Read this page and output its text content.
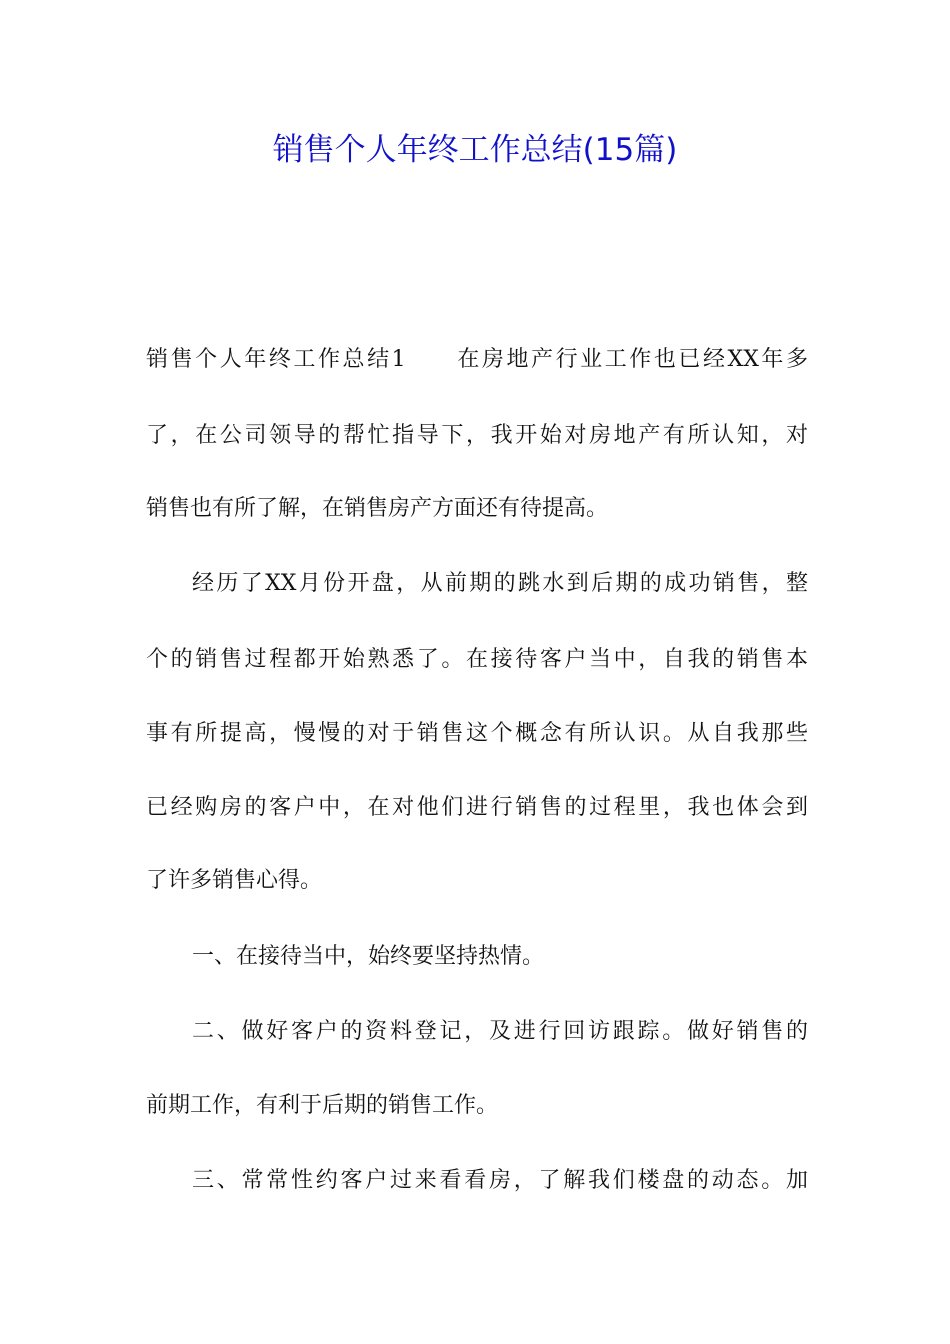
销售个人年终工作总结(15篇)
销售个人年终工作总结1　　在房地产行业工作也已经XX年多
了，在公司领导的帮忙指导下，我开始对房地产有所认知，对
销售也有所了解，在销售房产方面还有待提高。
经历了XX月份开盘，从前期的跳水到后期的成功销售，整
个的销售过程都开始熟悉了。在接待客户当中，自我的销售本
事有所提高，慢慢的对于销售这个概念有所认识。从自我那些
已经购房的客户中，在对他们进行销售的过程里，我也体会到
了许多销售心得。
一、在接待当中，始终要坚持热情。
二、做好客户的资料登记，及进行回访跟踪。做好销售的
前期工作，有利于后期的销售工作。
三、常常性约客户过来看看房，了解我们楼盘的动态。加
